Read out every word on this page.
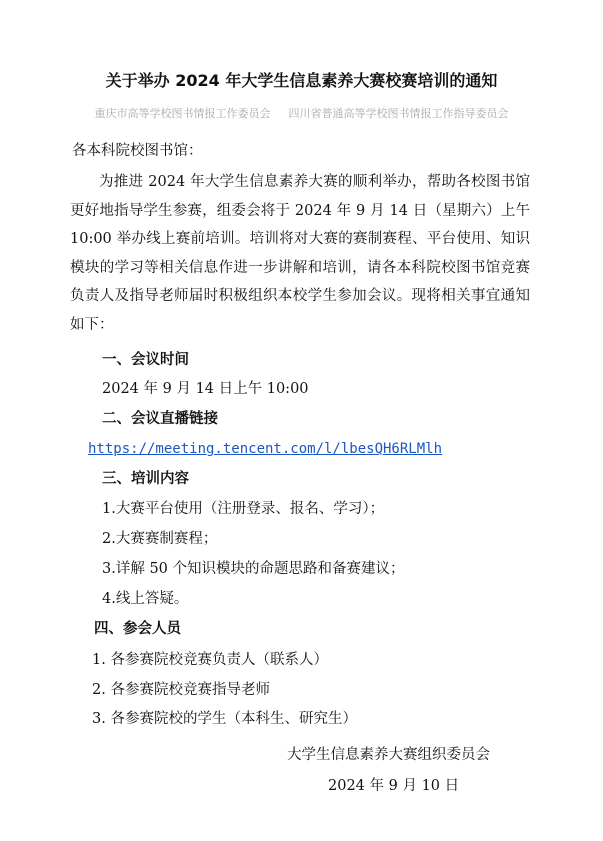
关于举办 2024 年大学生信息素养大赛校赛培训的通知
重庆市高等学校图书情报工作委员会 四川省普通高等学校图书情报工作指导委员会
各本科院校图书馆：
为推进 2024 年大学生信息素养大赛的顺利举办，帮助各校图书馆更好地指导学生参赛，组委会将于 2024 年 9 月 14 日（星期六）上午 10:00 举办线上赛前培训。培训将对大赛的赛制赛程、平台使用、知识模块的学习等相关信息作进一步讲解和培训，请各本科院校图书馆竞赛负责人及指导老师届时积极组织本校学生参加会议。现将相关事宜通知如下：
一、会议时间
2024 年 9 月 14 日上午 10:00
二、会议直播链接
https://meeting.tencent.com/l/lbesQH6RLMlh
三、培训内容
1.大赛平台使用（注册登录、报名、学习）；
2.大赛赛制赛程；
3.详解 50 个知识模块的命题思路和备赛建议；
4.线上答疑。
四、参会人员
1. 各参赛院校竞赛负责人（联系人）
2. 各参赛院校竞赛指导老师
3. 各参赛院校的学生（本科生、研究生）
大学生信息素养大赛组织委员会
2024 年 9 月 10 日
